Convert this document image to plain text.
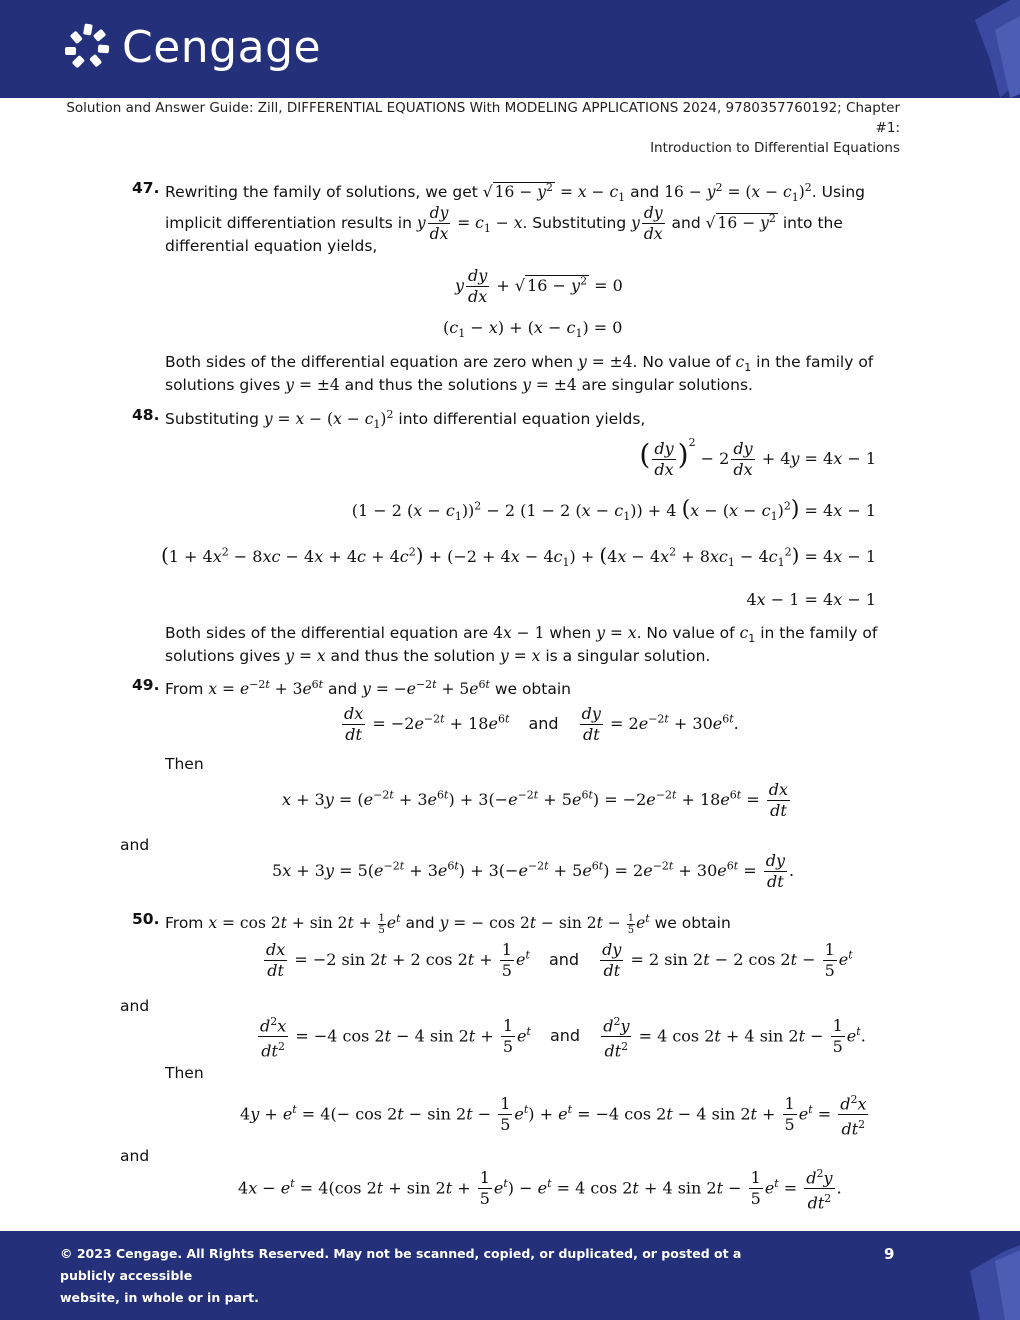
Cengage
Solution and Answer Guide: Zill, DIFFERENTIAL EQUATIONS With MODELING APPLICATIONS 2024, 9780357760192; Chapter #1:
Introduction to Differential Equations
47. Rewriting the family of solutions, we get √ $16 - y^2 = x - c_1$ and $16 - y^2 = (x - c_1)^2$. Using
implicit differentiation results in y $\frac{dy}{dx} = c_1 - x$. Substituting y $\frac{dy}{dx}$ and √ $16 - y^2$ into the
differential equation yields,
y $\frac{dy}{dx}$ + √ $16 - y^2 = 0$
$(c_1 - x) + (x - c_1) = 0$
Both sides of the differential equation are zero when y = ±4. No value of $c_1$ in the family of
solutions gives y = ±4 and thus the solutions y = ±4 are singular solutions.
48. Substituting $y = x - (x - c_1)^2$ into differential equation yields,
( $\frac{dy}{dx} )^2 - 2 \frac{dy}{dx} + 4y = 4x - 1$
(1 − 2 $(x - c_1))^2 - 2$ (1 − 2 $(x - c_1)) + 4$ $(x - (x - c_1)^2) = 4x - 1$
$(1 + 4x^2 - 8xc - 4x + 4c + 4c^2) + (-2 + 4x - 4c_1) + (4x - 4x^2 + 8xc_1 - 4c_1^2) = 4x - 1$
4x − 1 = 4x − 1
Both sides of the differential equation are 4x − 1 when y = x. No value of $c_1$ in the family of
solutions gives y = x and thus the solution y = x is a singular solution.
49. From $x = e^{-2t} + 3e^{6t}$ and $y = -e^{-2t} + 5e^{6t}$ we obtain
$\frac{dx}{dt} = -2e^{-2t} + 18e^{6t}$ and $\frac{dy}{dt} = 2e^{-2t} + 30e^{6t}$.
Then
$x + 3y = (e^{-2t} + 3e^{6t}) + 3(-e^{-2t} + 5e^{6t}) = -2e^{-2t} + 18e^{6t} = \frac{dx}{dt}$
and
$5x + 3y = 5(e^{-2t} + 3e^{6t}) + 3(-e^{-2t} + 5e^{6t}) = 2e^{-2t} + 30e^{6t} = \frac{dy}{dt}$ .
50. From $x = \cos 2t + \sin 2t + \frac{1}{5} e^t$ and y = − $\cos 2t - \sin 2t - \frac{1}{5} e^t$ we obtain
$\frac{dx}{dt} = -2$ sin 2t + 2 $\cos 2t + \frac{1}{5} e^t$ and $\frac{dy}{dt} = 2$ sin 2t − 2 $\cos 2t - \frac{1}{5} e^t$
and
$\frac{d^2x}{dt^2} = -4$ cos 2t − 4 $\sin 2t + \frac{1}{5} e^t$ and $\frac{d^2y}{dt^2} = 4$ cos 2t + 4 $\sin 2t - \frac{1}{5} e^t$.
Then
$4y + e^t = 4(- \cos 2t - \sin 2t - \frac{1}{5} e^t) + e^t = -4$ cos 2t − 4 $\sin 2t + \frac{1}{5} e^t = \frac{d^2x}{dt^2}$
and
$4x - e^t = 4(\cos$ $2t + \sin 2t + \frac{1}{5} e^t) - e^t = 4$ cos 2t + 4 $\sin 2t - \frac{1}{5} e^t = \frac{d^2y}{dt^2}$ .
© 2023 Cengage. All Rights Reserved. May not be scanned, copied, or duplicated, or posted ot a publicly accessible
website, in whole or in part.
9
